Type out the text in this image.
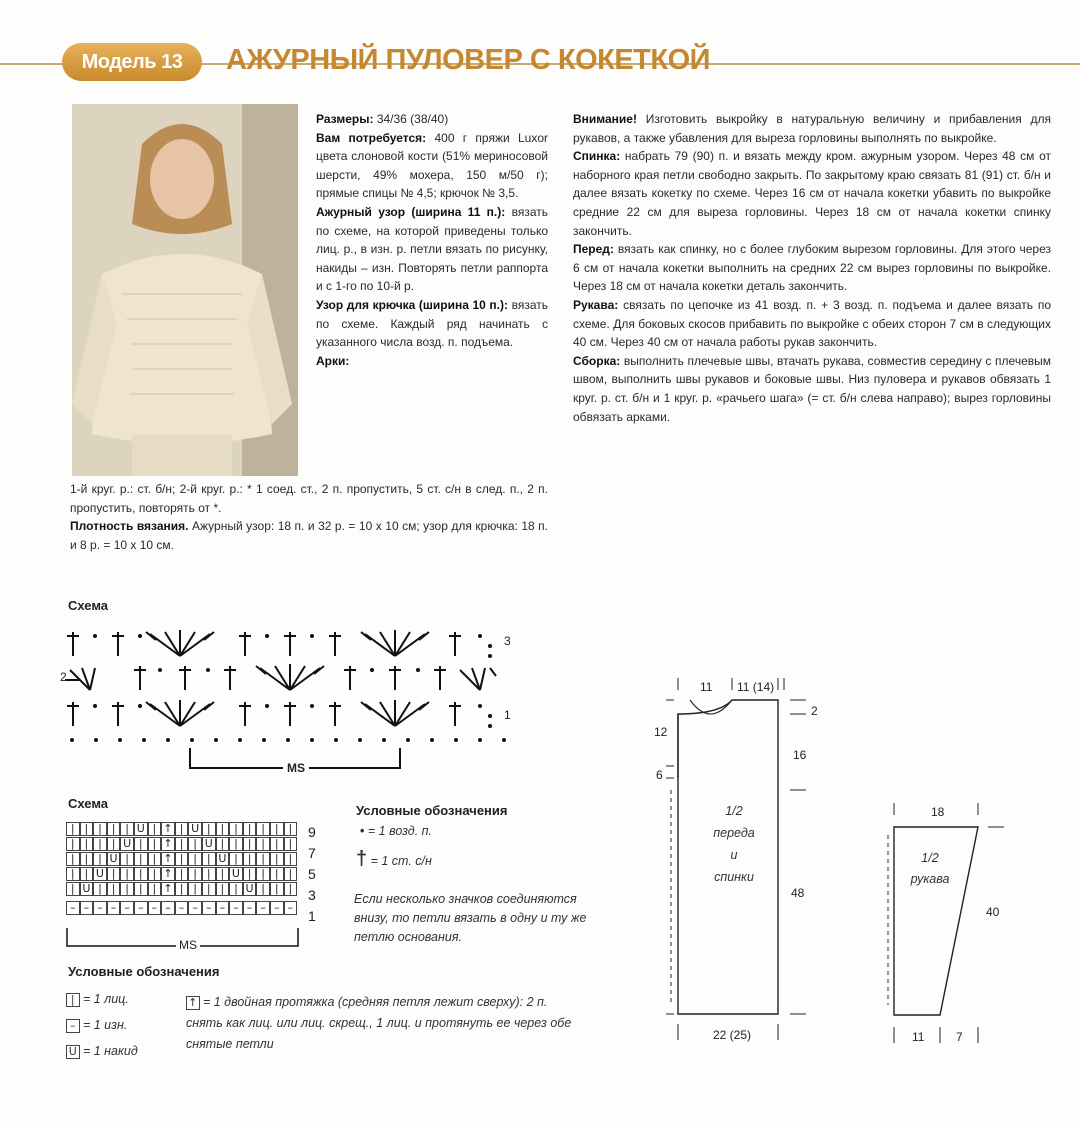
Модель 13	АЖУРНЫЙ ПУЛОВЕР С КОКЕТКОЙ

Размеры: 34/36 (38/40)

Вам потребуется: 400 г пряжи Luxor цвета слоновой кости (51% мериносовой шерсти, 49% мохера, 150 м/50 г); прямые спицы № 4,5; крючок № 3,5.

Ажурный узор (ширина 11 п.): вязать по схеме, на которой приведены только лиц. р., в изн. р. петли вязать по рисунку, накиды – изн. Повторять петли раппорта и с 1-го по 10-й р.

Узор для крючка (ширина 10 п.): вязать по схеме. Каждый ряд начинать с указанного числа возд. п. подъема.

Арки:

1-й круг. р.: ст. б/н; 2-й круг. р.: * 1 соед. ст., 2 п. пропустить, 5 ст. с/н в след. п., 2 п. пропустить, повторять от *.

Плотность вязания. Ажурный узор: 18 п. и 32 р. = 10 х 10 см; узор для крючка: 18 п. и 8 р. = 10 х 10 см.

Внимание! Изготовить выкройку в натуральную величину и прибавления для рукавов, а также убавления для выреза горловины выполнять по выкройке.

Спинка: набрать 79 (90) п. и вязать между кром. ажурным узором. Через 48 см от наборного края петли свободно закрыть. По закрытому краю связать 81 (91) ст. б/н и далее вязать кокетку по схеме. Через 16 см от начала кокетки убавить по выкройке средние 22 см для выреза горловины. Через 18 см от начала кокетки спинку закончить.

Перед: вязать как спинку, но с более глубоким вырезом горловины. Для этого через 6 см от начала кокетки выполнить на средних 22 см вырез горловины по выкройке. Через 18 см от начала кокетки деталь закончить.

Рукава: связать по цепочке из 41 возд. п. + 3 возд. п. подъема и далее вязать по схеме. Для боковых скосов прибавить по выкройке с обеих сторон 7 см в следующих 40 см. Через 40 см от начала работы рукав закончить.

Сборка: выполнить плечевые швы, втачать рукава, совместив середину с плечевым швом, выполнить швы рукавов и боковые швы. Низ пуловера и рукавов обвязать 1 круг. р. ст. б/н и 1 круг. р. «рачьего шага» (= ст. б/н слева направо); вырез горловины обвязать арками.

Схема
3
2
1
MS
Схема
| | | | | U | ↑ | U | | | | | | |
| | | | U | | ↑ | | U | | | | | |
| | | U | | | ↑ | | | U | | | | |
| | U | | | | ↑ | | | | U | | | |
| U | | | | | ↑ | | | | | U | | |
– – – – – – – – – – – – – – – – –
MS
9
7
5
3
1
Условные обозначения
• = 1 возд. п.
† = 1 ст. с/н
Если несколько значков соединяются внизу, то петли вязать в одну и ту же петлю основания.
Условные обозначения
| = 1 лиц.
– = 1 изн.
U = 1 накид
↑ = 1 двойная протяжка (средняя петля лежит сверху): 2 п. снять как лиц. или лиц. скрещ., 1 лиц. и протянуть ее через обе снятые петли
11 11 (14)
12
2
16
6
48
22 (25)
1/2
переда
и
спинки
18
40
11	7
1/2
рукава
